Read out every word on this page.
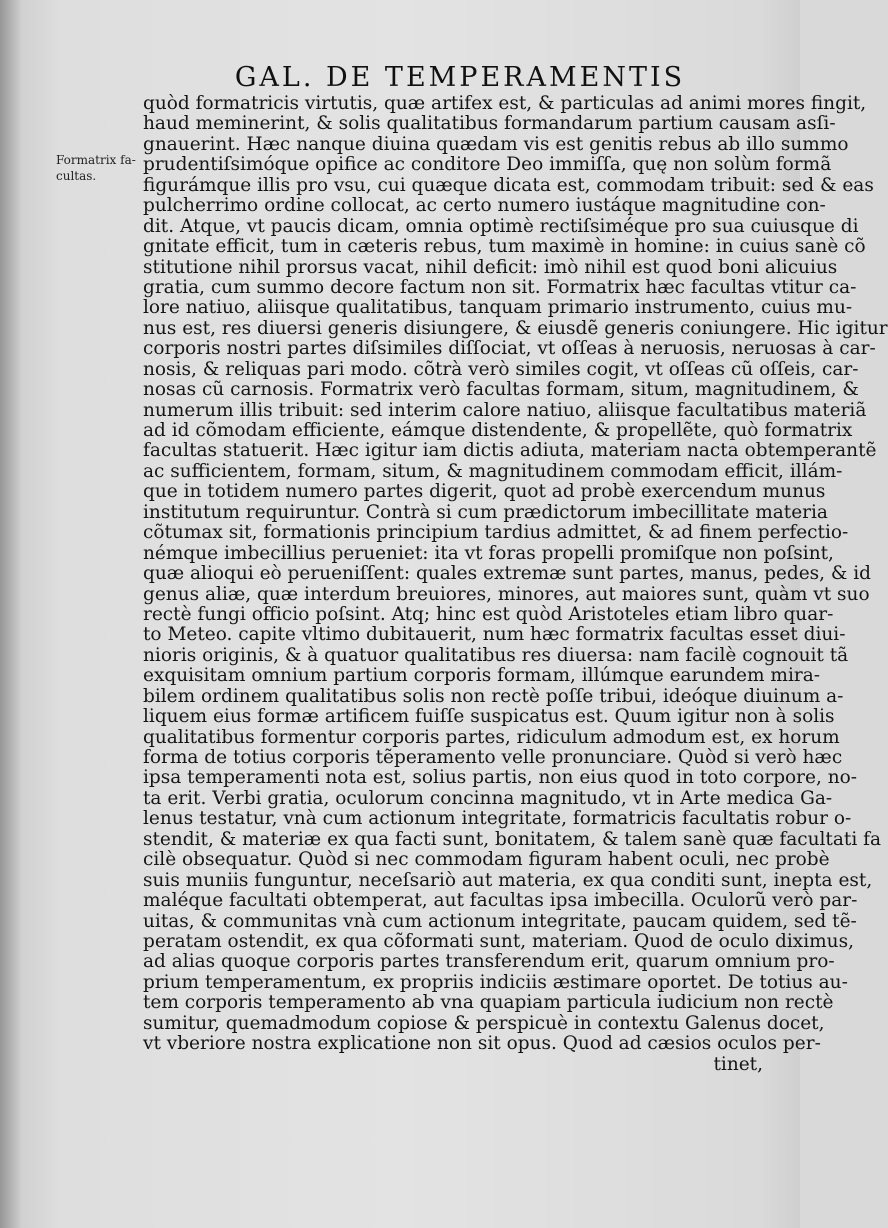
GAL. DE TEMPERAMENTIS
Formatrix fa-
cultas.
quòd formatricis virtutis, quæ artifex est, & particulas ad animi mores fingit,
haud meminerint, & solis qualitatibus formandarum partium causam asſi-
gnauerint. Hæc nanque diuina quædam vis est genitis rebus ab illo summo
prudentiſsimóque opifice ac conditore Deo immiſſa, quę non solùm formã
figurámque illis pro vsu, cui quæque dicata est, commodam tribuit: sed & eas
pulcherrimo ordine collocat, ac certo numero iustáque magnitudine con-
dit. Atque, vt paucis dicam, omnia optimè rectiſsiméque pro sua cuiusque di
gnitate efficit, tum in cæteris rebus, tum maximè in homine: in cuius sanè cõ
stitutione nihil prorsus vacat, nihil deficit: imò nihil est quod boni alicuius
gratia, cum summo decore factum non sit. Formatrix hæc facultas vtitur ca-
lore natiuo, aliisque qualitatibus, tanquam primario instrumento, cuius mu-
nus est, res diuersi generis disiungere, & eiusdẽ generis coniungere. Hic igitur
corporis nostri partes diſsimiles diſſociat, vt oſſeas à neruosis, neruosas à car-
nosis, & reliquas pari modo. cõtrà verò similes cogit, vt oſſeas cũ oſſeis, car-
nosas cũ carnosis. Formatrix verò facultas formam, situm, magnitudinem, &
numerum illis tribuit: sed interim calore natiuo, aliisque facultatibus materiã
ad id cõmodam efficiente, eámque distendente, & propellẽte, quò formatrix
facultas statuerit. Hæc igitur iam dictis adiuta, materiam nacta obtemperantẽ
ac sufficientem, formam, situm, & magnitudinem commodam efficit, illám-
que in totidem numero partes digerit, quot ad probè exercendum munus
institutum requiruntur. Contrà si cum prædictorum imbecillitate materia
cõtumax sit, formationis principium tardius admittet, & ad finem perfectio-
némque imbecillius perueniet: ita vt foras propelli promiſque non poſsint,
quæ alioqui eò perueniſſent: quales extremæ sunt partes, manus, pedes, & id
genus aliæ, quæ interdum breuiores, minores, aut maiores sunt, quàm vt suo
rectè fungi officio poſsint. Atq; hinc est quòd Aristoteles etiam libro quar-
to Meteo. capite vltimo dubitauerit, num hæc formatrix facultas esset diui-
nioris originis, & à quatuor qualitatibus res diuersa: nam facilè cognouit tã
exquisitam omnium partium corporis formam, illúmque earundem mira-
bilem ordinem qualitatibus solis non rectè poſſe tribui, ideóque diuinum a-
liquem eius formæ artificem fuiſſe suspicatus est. Quum igitur non à solis
qualitatibus formentur corporis partes, ridiculum admodum est, ex horum
forma de totius corporis tẽperamento velle pronunciare. Quòd si verò hæc
ipsa temperamenti nota est, solius partis, non eius quod in toto corpore, no-
ta erit. Verbi gratia, oculorum concinna magnitudo, vt in Arte medica Ga-
lenus testatur, vnà cum actionum integritate, formatricis facultatis robur o-
stendit, & materiæ ex qua facti sunt, bonitatem, & talem sanè quæ facultati fa
cilè obsequatur. Quòd si nec commodam figuram habent oculi, nec probè
suis muniis funguntur, neceſsariò aut materia, ex qua conditi sunt, inepta est,
maléque facultati obtemperat, aut facultas ipsa imbecilla. Oculorũ verò par-
uitas, & communitas vnà cum actionum integritate, paucam quidem, sed tẽ-
peratam ostendit, ex qua cõformati sunt, materiam. Quod de oculo diximus,
ad alias quoque corporis partes transferendum erit, quarum omnium pro-
prium temperamentum, ex propriis indiciis æstimare oportet. De totius au-
tem corporis temperamento ab vna quapiam particula iudicium non rectè
sumitur, quemadmodum copiose & perspicuè in contextu Galenus docet,
vt vberiore nostra explicatione non sit opus. Quod ad cæsios oculos per-
tinet,
